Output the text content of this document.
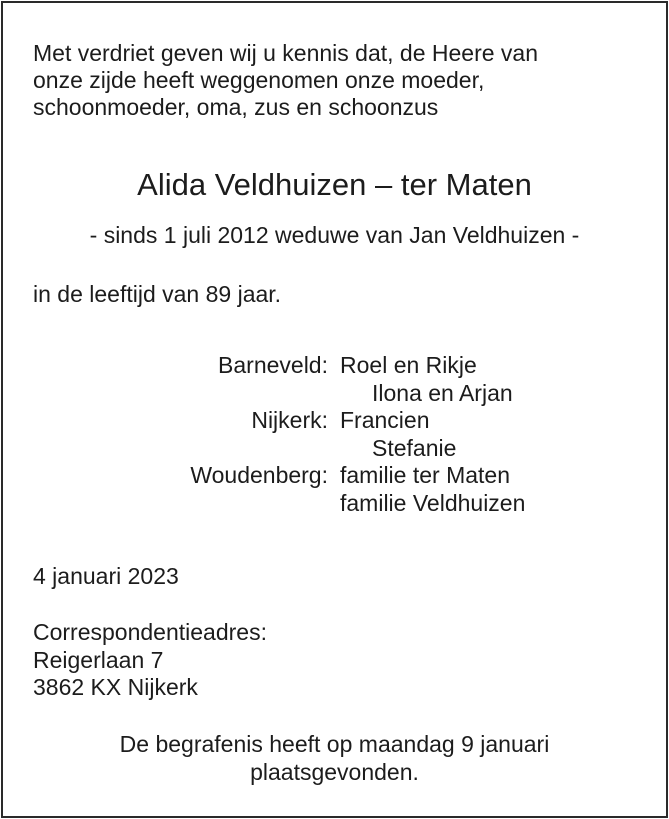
Met verdriet geven wij u kennis dat, de Heere van
onze zijde heeft weggenomen onze moeder,
schoonmoeder, oma, zus en schoonzus
Alida Veldhuizen – ter Maten
- sinds 1 juli 2012 weduwe van Jan Veldhuizen -
in de leeftijd van 89 jaar.
Barneveld: Roel en Rikje
Ilona en Arjan
Nijkerk: Francien
Stefanie
Woudenberg: familie ter Maten
familie Veldhuizen
4 januari 2023
Correspondentieadres:
Reigerlaan 7
3862 KX Nijkerk
De begrafenis heeft op maandag 9 januari
plaatsgevonden.
